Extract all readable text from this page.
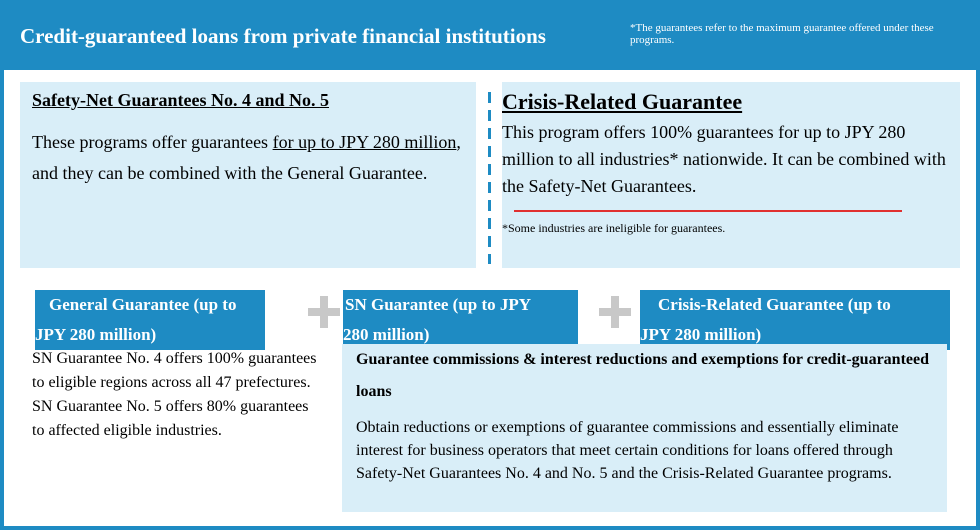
Credit-guaranteed loans from private financial institutions	*The guarantees refer to the maximum guarantee offered under these programs.
Safety-Net Guarantees No. 4 and No. 5
These programs offer guarantees for up to JPY 280 million, and they can be combined with the General Guarantee.
Crisis-Related Guarantee
This program offers 100% guarantees for up to JPY 280 million to all industries* nationwide. It can be combined with the Safety-Net Guarantees.
*Some industries are ineligible for guarantees.
General Guarantee (up to
JPY 280 million)
SN Guarantee (up to JPY
280 million)
Crisis-Related Guarantee (up to
JPY 280 million)
SN Guarantee No. 4 offers 100% guarantees to eligible regions across all 47 prefectures. SN Guarantee No. 5 offers 80% guarantees to affected eligible industries.
Guarantee commissions & interest reductions and exemptions for credit-guaranteed loans
Obtain reductions or exemptions of guarantee commissions and essentially eliminate interest for business operators that meet certain conditions for loans offered through Safety-Net Guarantees No. 4 and No. 5 and the Crisis-Related Guarantee programs.
